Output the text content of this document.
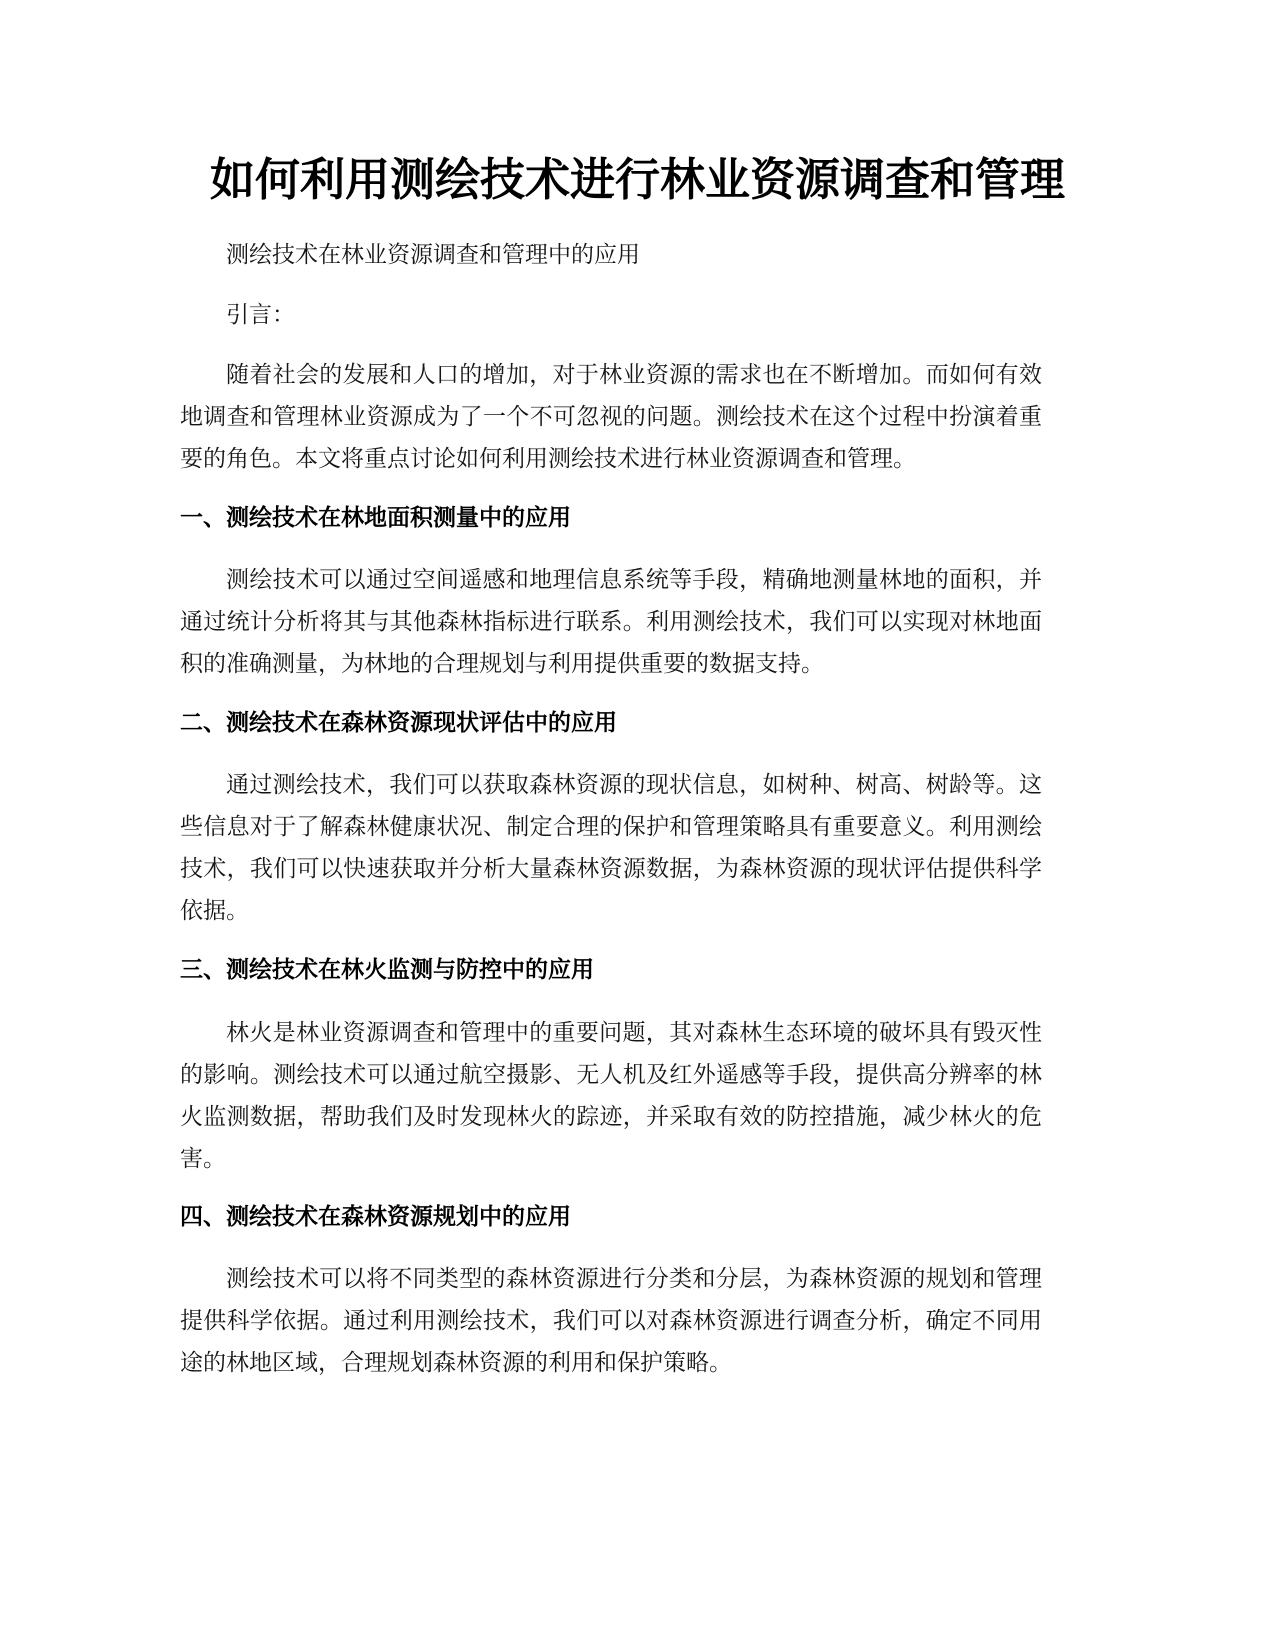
如何利用测绘技术进行林业资源调查和管理

测绘技术在林业资源调查和管理中的应用

引言：

随着社会的发展和人口的增加，对于林业资源的需求也在不断增加。而如何有效地调查和管理林业资源成为了一个不可忽视的问题。测绘技术在这个过程中扮演着重要的角色。本文将重点讨论如何利用测绘技术进行林业资源调查和管理。

一、测绘技术在林地面积测量中的应用

测绘技术可以通过空间遥感和地理信息系统等手段，精确地测量林地的面积，并通过统计分析将其与其他森林指标进行联系。利用测绘技术，我们可以实现对林地面积的准确测量，为林地的合理规划与利用提供重要的数据支持。

二、测绘技术在森林资源现状评估中的应用

通过测绘技术，我们可以获取森林资源的现状信息，如树种、树高、树龄等。这些信息对于了解森林健康状况、制定合理的保护和管理策略具有重要意义。利用测绘技术，我们可以快速获取并分析大量森林资源数据，为森林资源的现状评估提供科学依据。

三、测绘技术在林火监测与防控中的应用

林火是林业资源调查和管理中的重要问题，其对森林生态环境的破坏具有毁灭性的影响。测绘技术可以通过航空摄影、无人机及红外遥感等手段，提供高分辨率的林火监测数据，帮助我们及时发现林火的踪迹，并采取有效的防控措施，减少林火的危害。

四、测绘技术在森林资源规划中的应用

测绘技术可以将不同类型的森林资源进行分类和分层，为森林资源的规划和管理提供科学依据。通过利用测绘技术，我们可以对森林资源进行调查分析，确定不同用途的林地区域，合理规划森林资源的利用和保护策略。
